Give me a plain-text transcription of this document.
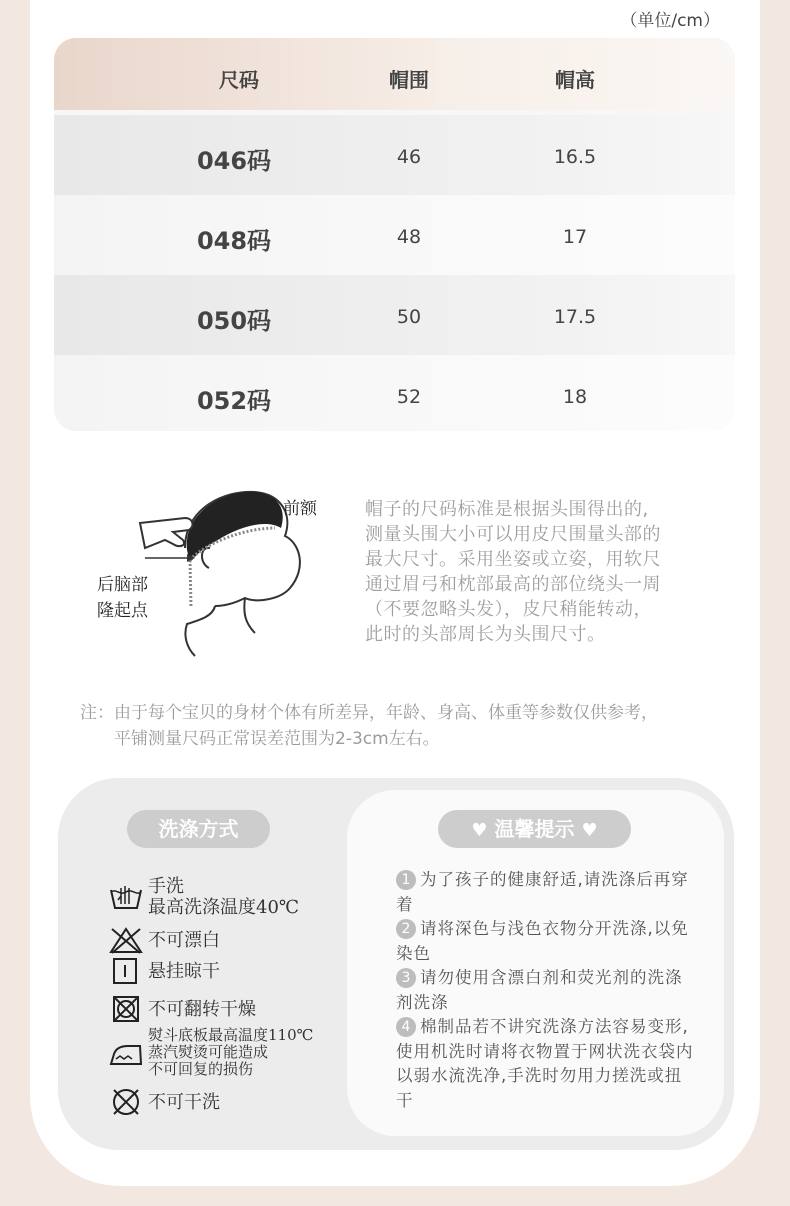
（单位/cm）
尺码	帽围	帽高
046码	46	16.5
048码	48	17
050码	50	17.5
052码	52	18
前额
后脑部
隆起点
帽子的尺码标准是根据头围得出的,
测量头围大小可以用皮尺围量头部的
最大尺寸。采用坐姿或立姿，用软尺
通过眉弓和枕部最高的部位绕头一周
（不要忽略头发），皮尺稍能转动，
此时的头部周长为头围尺寸。
注：由于每个宝贝的身材个体有所差异，年龄、身高、体重等参数仅供参考，
平铺测量尺码正常误差范围为2-3cm左右。
洗涤方式	♥ 温馨提示 ♥
手洗
最高洗涤温度40℃
不可漂白
悬挂晾干
不可翻转干燥
熨斗底板最高温度110℃
蒸汽熨烫可能造成
不可回复的损伤
不可干洗
1 为了孩子的健康舒适,请洗涤后再穿着
2 请将深色与浅色衣物分开洗涤,以免染色
3 请勿使用含漂白剂和荧光剂的洗涤剂洗涤
4 棉制品若不讲究洗涤方法容易变形, 使用机洗时请将衣物置于网状洗衣袋内以弱水流洗净,手洗时勿用力搓洗或扭干
